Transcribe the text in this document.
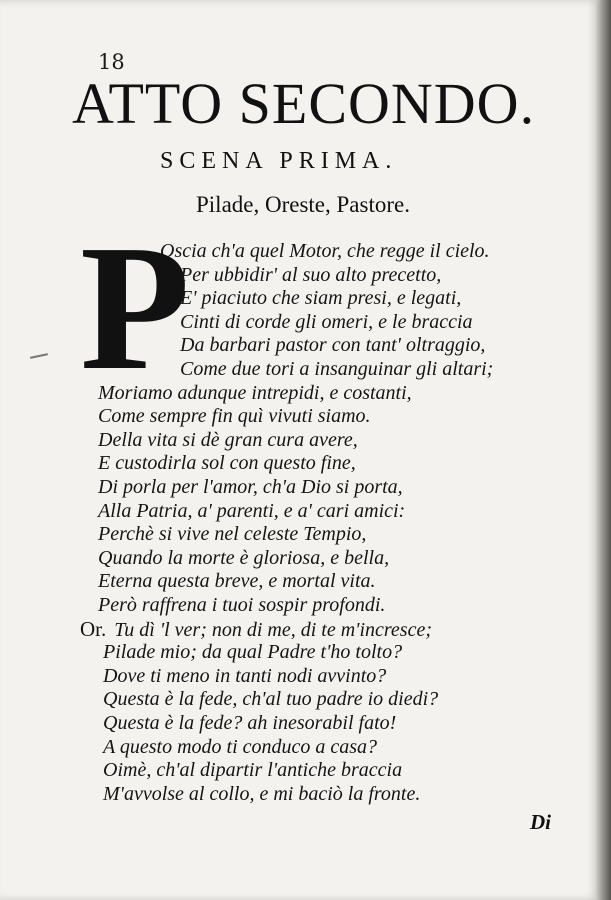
18
ATTO SECONDO.
SCENA PRIMA.
Pilade, Oreste, Pastore.
P
Oscia ch'a quel Motor, che regge il cielo.
Per ubbidir' al suo alto precetto,
E' piaciuto che siam presi, e legati,
Cinti di corde gli omeri, e le braccia
Da barbari pastor con tant' oltraggio,
Come due tori a insanguinar gli altari;
Moriamo adunque intrepidi, e costanti,
Come sempre fin quì vivuti siamo.
Della vita si dè gran cura avere,
E custodirla sol con questo fine,
Di porla per l'amor, ch'a Dio si porta,
Alla Patria, a' parenti, e a' cari amici:
Perchè si vive nel celeste Tempio,
Quando la morte è gloriosa, e bella,
Eterna questa breve, e mortal vita.
Però raffrena i tuoi sospir profondi.
Or. Tu dì 'l ver; non di me, di te m'increscе;
Pilade mio; da qual Padre t'ho tolto?
Dove ti meno in tanti nodi avvinto?
Questa è la fede, ch'al tuo padre io diedi?
Questa è la fede? ah inesorabil fato!
A questo modo ti conduco a casa?
Oimè, ch'al dipartir l'antiche braccia
M'avvolse al collo, e mi baciò la fronte.
Di
